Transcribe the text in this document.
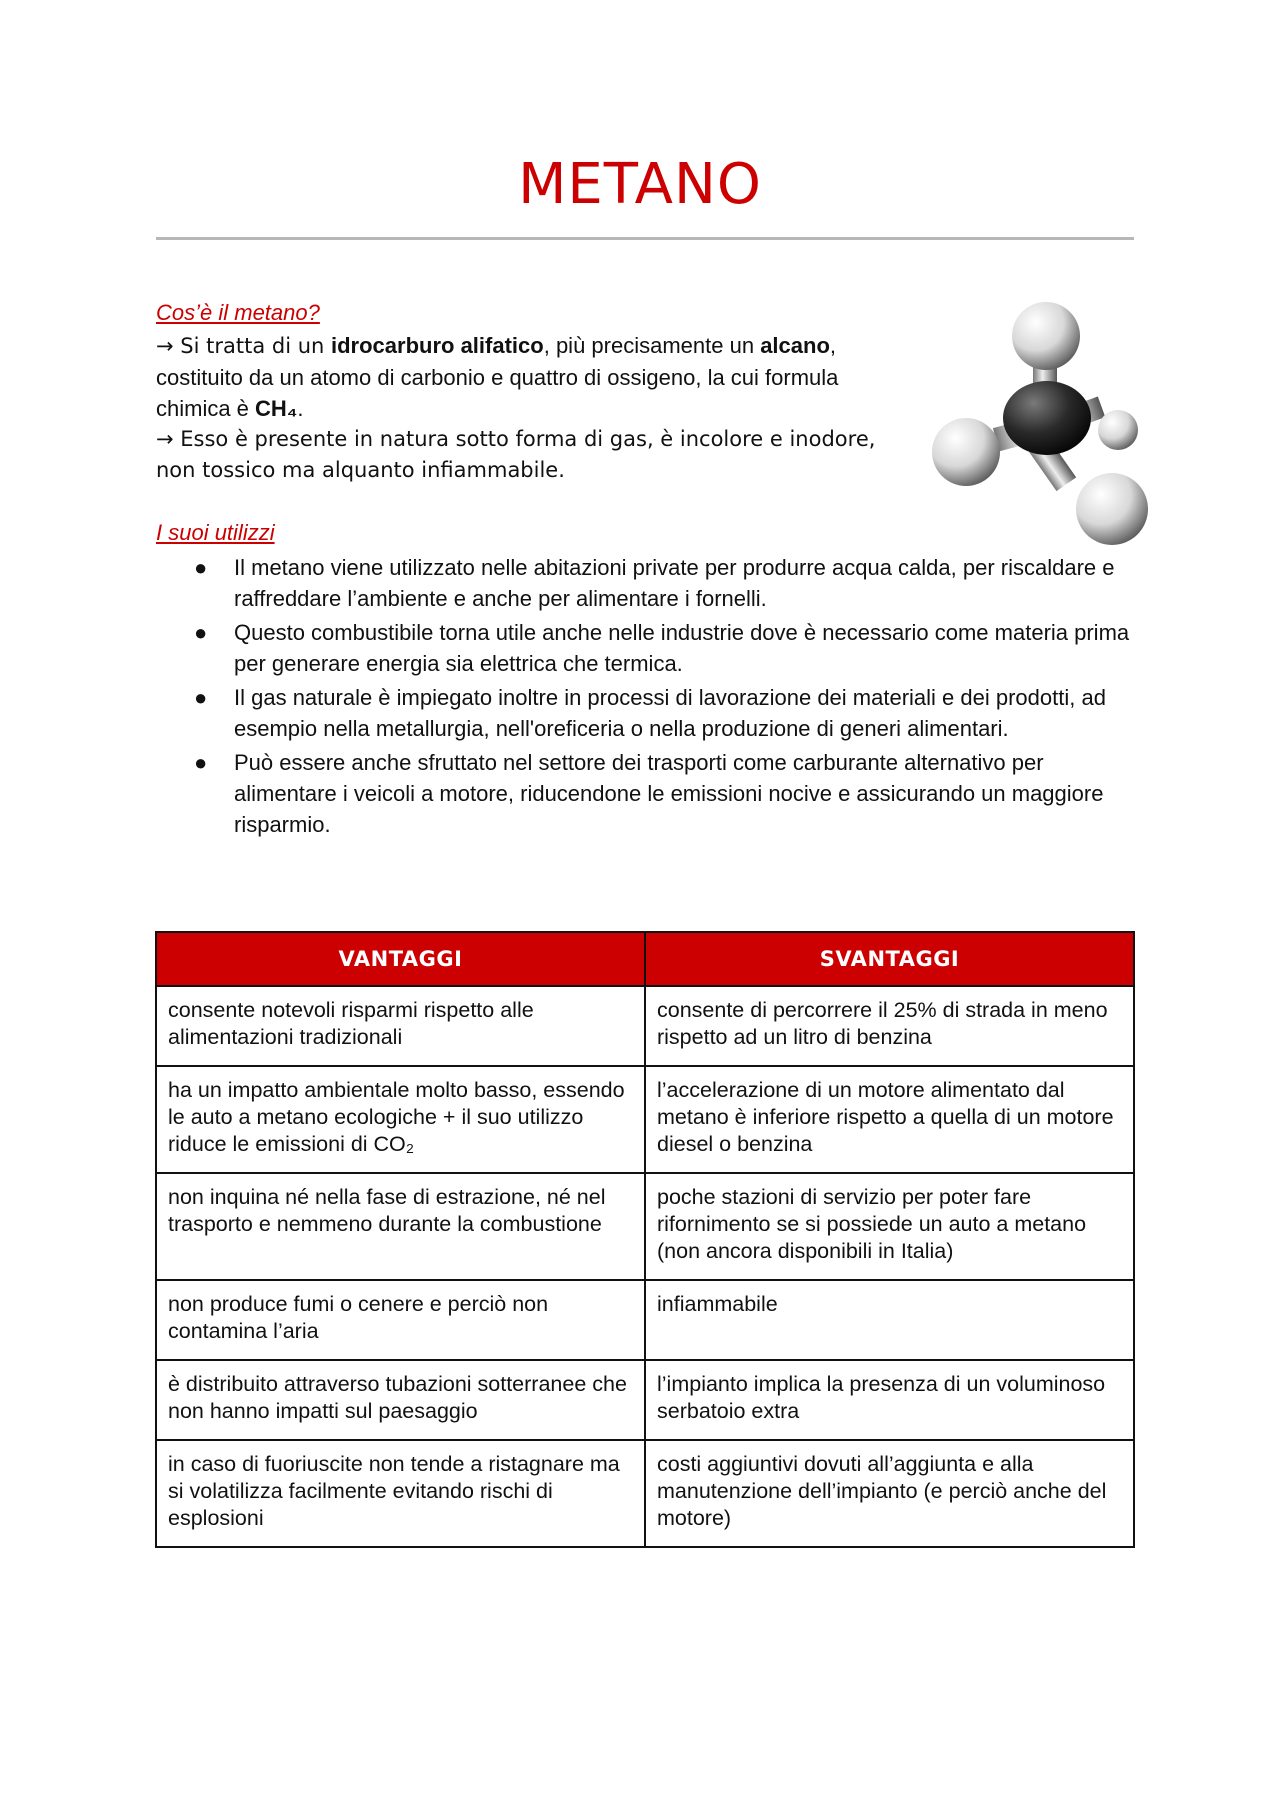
METANO
Cos’è il metano?

→ Si tratta di un idrocarburo alifatico, più precisamente un alcano, costituito da un atomo di carbonio e quattro di ossigeno, la cui formula chimica è CH₄.

→ Esso è presente in natura sotto forma di gas, è incolore e inodore, non tossico ma alquanto infiammabile.

I suoi utilizzi
● Il metano viene utilizzato nelle abitazioni private per produrre acqua calda, per riscaldare e raffreddare l’ambiente e anche per alimentare i fornelli.
● Questo combustibile torna utile anche nelle industrie dove è necessario come materia prima per generare energia sia elettrica che termica.
● Il gas naturale è impiegato inoltre in processi di lavorazione dei materiali e dei prodotti, ad esempio nella metallurgia, nell'oreficeria o nella produzione di generi alimentari.
● Può essere anche sfruttato nel settore dei trasporti come carburante alternativo per alimentare i veicoli a motore, riducendone le emissioni nocive e assicurando un maggiore risparmio.
VANTAGGI	SVANTAGGI
consente notevoli risparmi rispetto alle alimentazioni tradizionali	consente di percorrere il 25% di strada in meno rispetto ad un litro di benzina
ha un impatto ambientale molto basso, essendo le auto a metano ecologiche + il suo utilizzo riduce le emissioni di CO₂	l’accelerazione di un motore alimentato dal metano è inferiore rispetto a quella di un motore diesel o benzina
non inquina né nella fase di estrazione, né nel trasporto e nemmeno durante la combustione	poche stazioni di servizio per poter fare rifornimento se si possiede un auto a metano (non ancora disponibili in Italia)
non produce fumi o cenere e perciò non contamina l’aria	infiammabile
è distribuito attraverso tubazioni sotterranee che non hanno impatti sul paesaggio	l’impianto implica la presenza di un voluminoso serbatoio extra
in caso di fuoriuscite non tende a ristagnare ma si volatilizza facilmente evitando rischi di esplosioni	costi aggiuntivi dovuti all’aggiunta e alla manutenzione dell’impianto (e perciò anche del motore)
